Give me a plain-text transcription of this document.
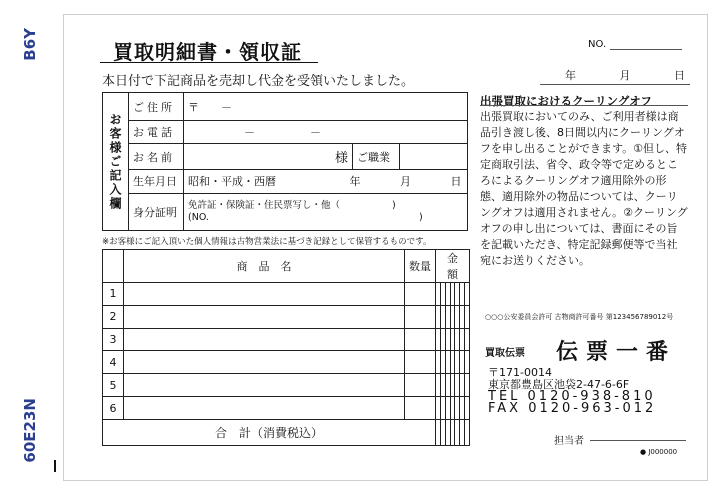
B6Y
60E23N
買取明細書・領収証
本日付で下記商品を売却し代金を受領いたしました。
NO.
年	月	日
お客様ご記入欄	ご住所	〒　　－		
	お電話	－　　　　　－		
	お名前	様	ご職業	
	生年月日	昭和・平成・西暦 年 月 日		
	身分証明	免許証・保険証・住民票写し・他（ )
(NO. )		
※お客様にご記入頂いた個人情報は古物営業法に基づき記録として保管するものです。
	商　品　名	数量	金　　額						
1									
2									
3									
4									
5									
6									
合　計（消費税込）									
出張買取におけるクーリングオフ
出張買取においてのみ、ご利用者様は商品引き渡し後、8日間以内にクーリングオフを申し出ることができます。①但し、特定商取引法、省令、政令等で定めるところによるクーリングオフ適用除外の形態、適用除外の物品については、クーリングオフは適用されません。②クーリングオフの申し出については、書面にその旨を記載いただき、特定記録郵便等で当社宛にお送りください。
○○○公安委員会許可 古物商許可番号 第123456789012号
買取伝票 伝票一番
〒171-0014
東京都豊島区池袋2-47-6-6F
TEL 0120-938-810
FAX 0120-963-012
担当者
● J000000
